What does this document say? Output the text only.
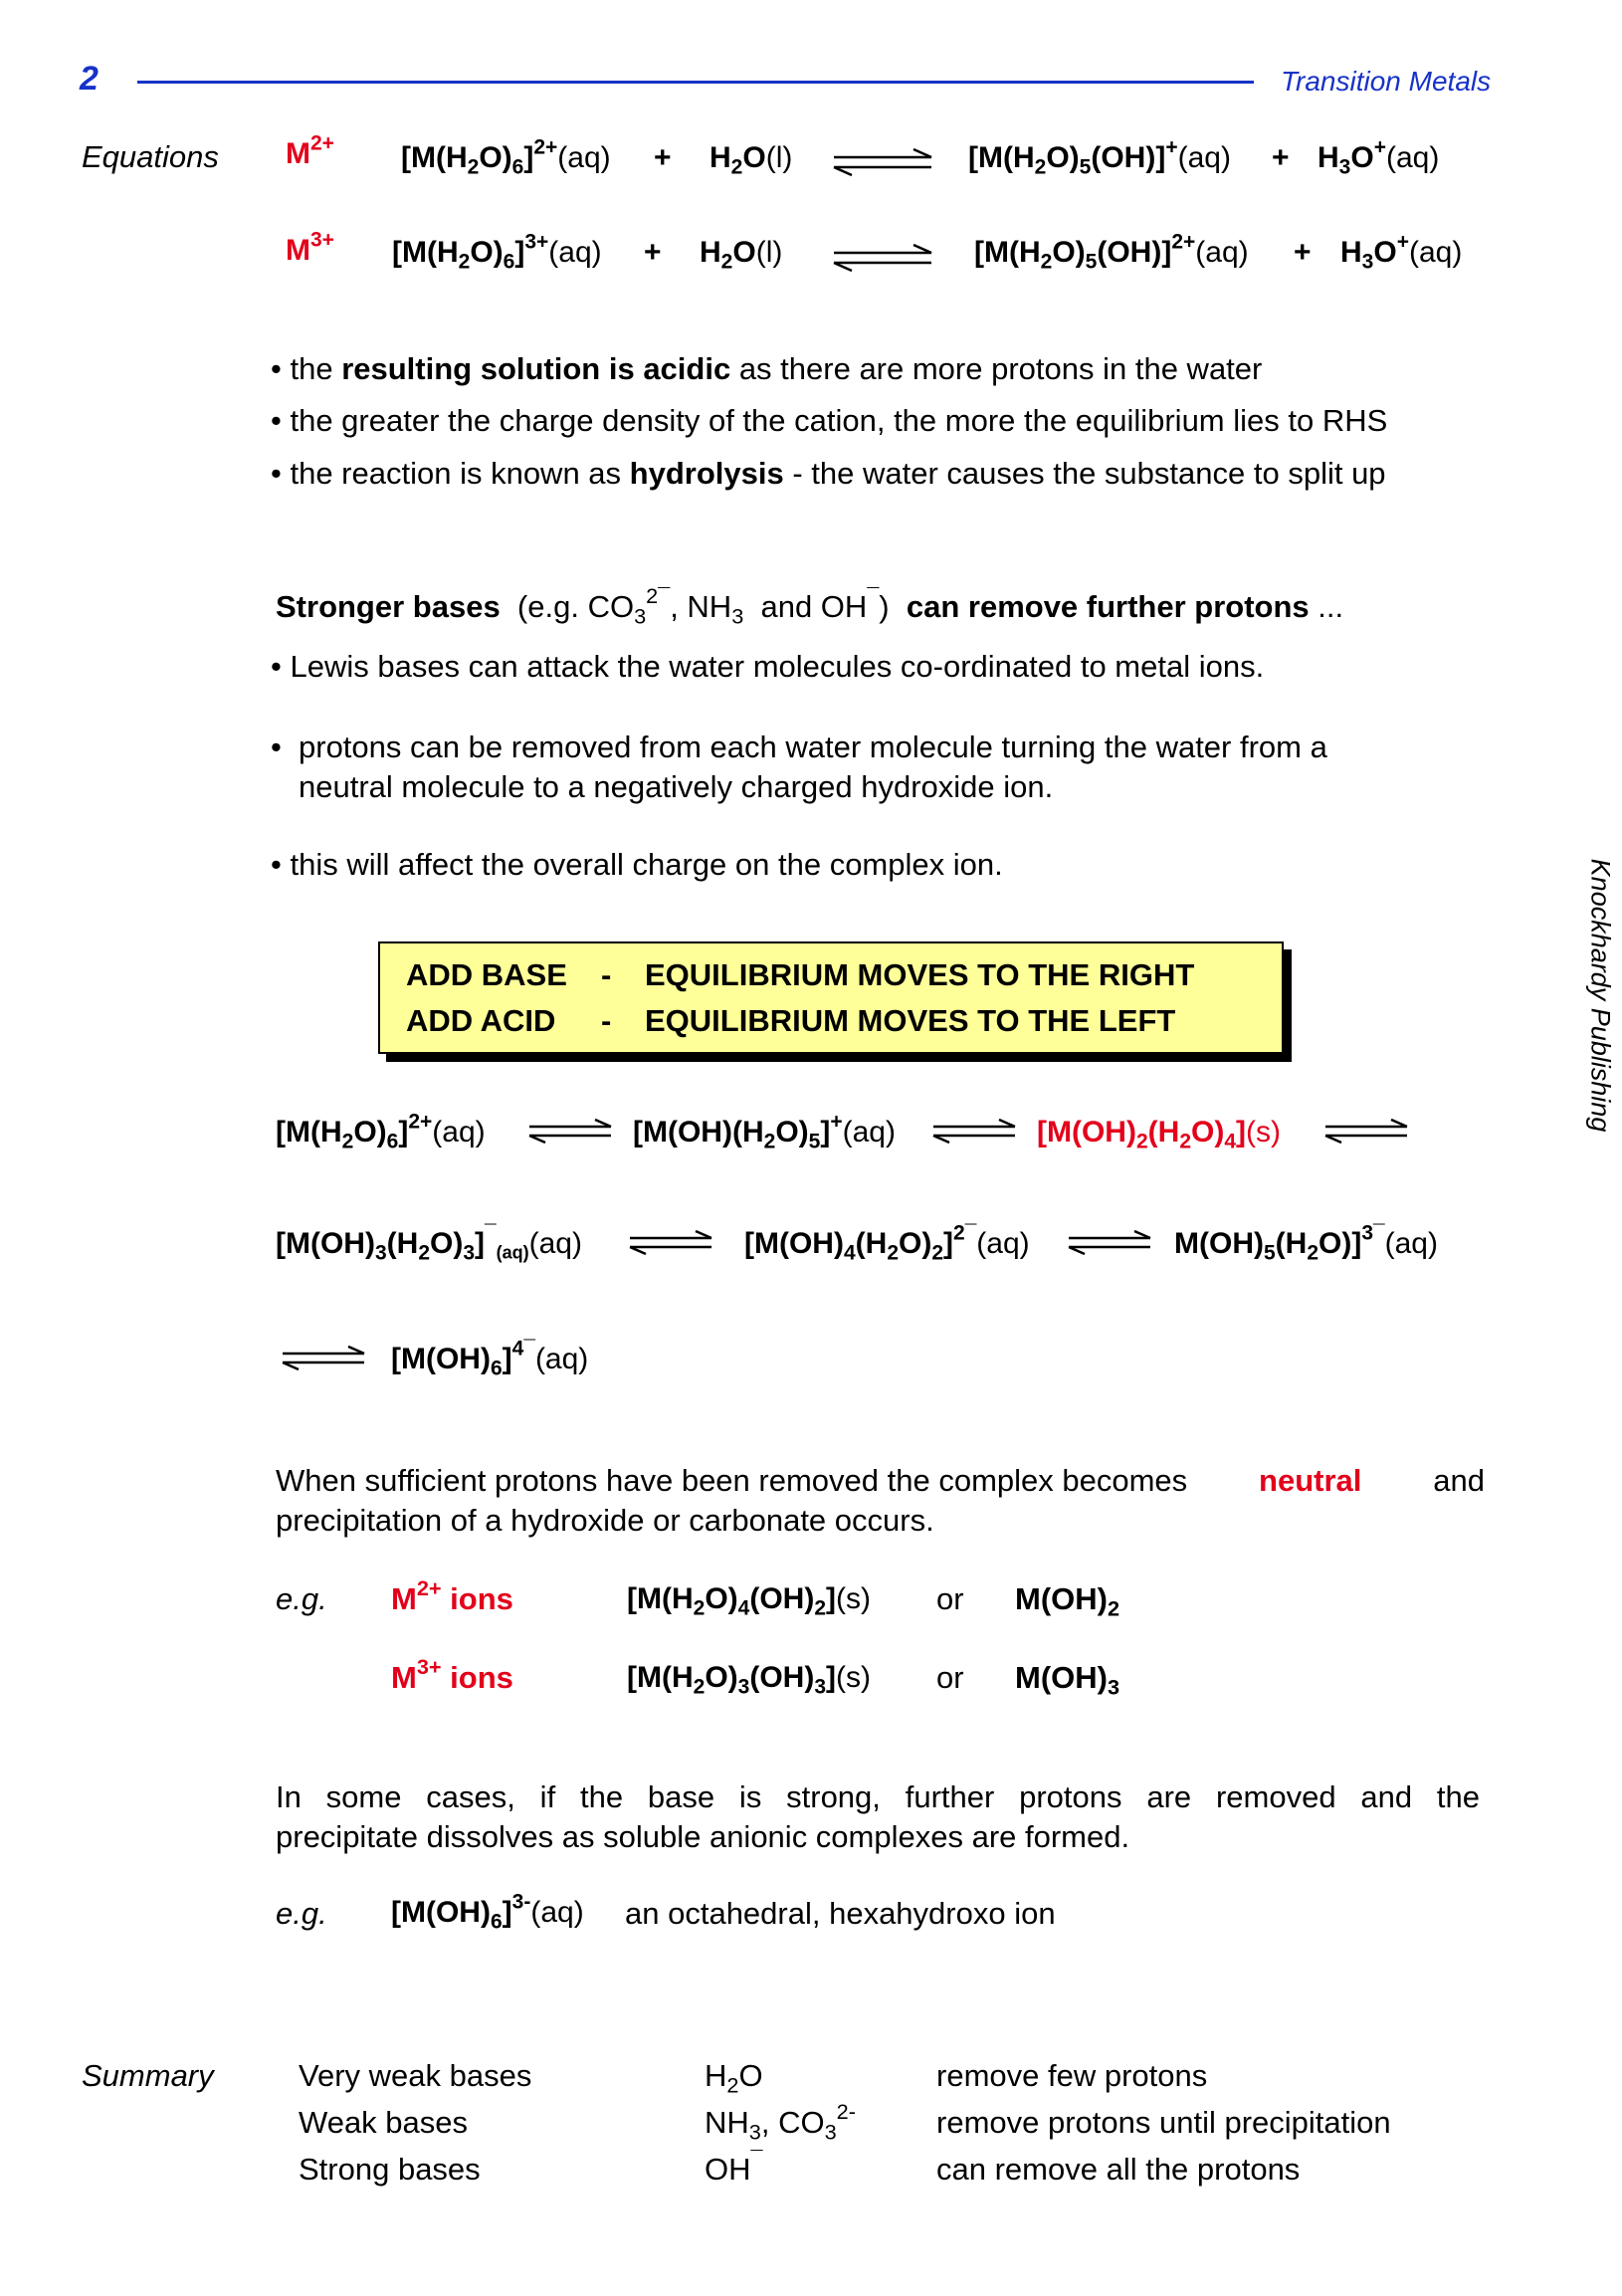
2	Transition Metals
Knockhardy Publishing
Equations $M^{2+}$ $[M(H_2O)_6]^{2+}(aq) + H_2O(l)$	$[M(H_2O)_5(OH)]^+(aq) + H_3O^+(aq)$
$M^{3+}$ $[M(H_2O)_6]^{3+}(aq) + H_2O(l)$	$[M(H_2O)_5(OH)]^{2+}(aq) + H_3O^+(aq)$
• the resulting solution is acidic as there are more protons in the water
• the greater the charge density of the cation, the more the equilibrium lies to RHS
• the reaction is known as hydrolysis - the water causes the substance to split up
Stronger bases  (e.g. $CO_3^{2¯}$, $NH_3$  and OH¯)  can remove further protons ...
• Lewis bases can attack the water molecules co-ordinated to metal ions.
• protons can be removed from each water molecule turning the water from a neutral molecule to a negatively charged hydroxide ion.
• this will affect the overall charge on the complex ion.
ADD BASE - EQUILIBRIUM MOVES TO THE RIGHT
ADD ACID - EQUILIBRIUM MOVES TO THE LEFT
$[M(H_2O)_6]^{2+}(aq)$	$[M(OH)(H_2O)_5]^+(aq)$	$[M(OH)_2(H_2O)_4](s)$
$[M(OH)_3(H_2O)_3]^¯_{(aq)}(aq)$	$[M(OH)_4(H_2O)_2]^{2¯}(aq)$	$M(OH)_5(H_2O)]^{3¯}(aq)$
$[M(OH)_6]^{4¯}(aq)$
When sufficient protons have been removed the complex becomes neutral and
precipitation of a hydroxide or carbonate occurs.
e.g. $M^{2+}$ ions	$[M(H_2O)_4(OH)_2](s)$ or $M(OH)_2$
$M^{3+}$ ions	$[M(H_2O)_3(OH)_3](s)$ or $M(OH)_3$
In some cases, if the base is strong, further protons are removed and the
precipitate dissolves as soluble anionic complexes are formed.
e.g. $[M(OH)_6]^{3-}(aq)$ an octahedral, hexahydroxo ion
Summary	Very weak bases	$H_2O$	remove few protons
Weak bases	$NH_3$, $CO_3^{2-}$	remove protons until precipitation
Strong bases	OH¯	can remove all the protons
